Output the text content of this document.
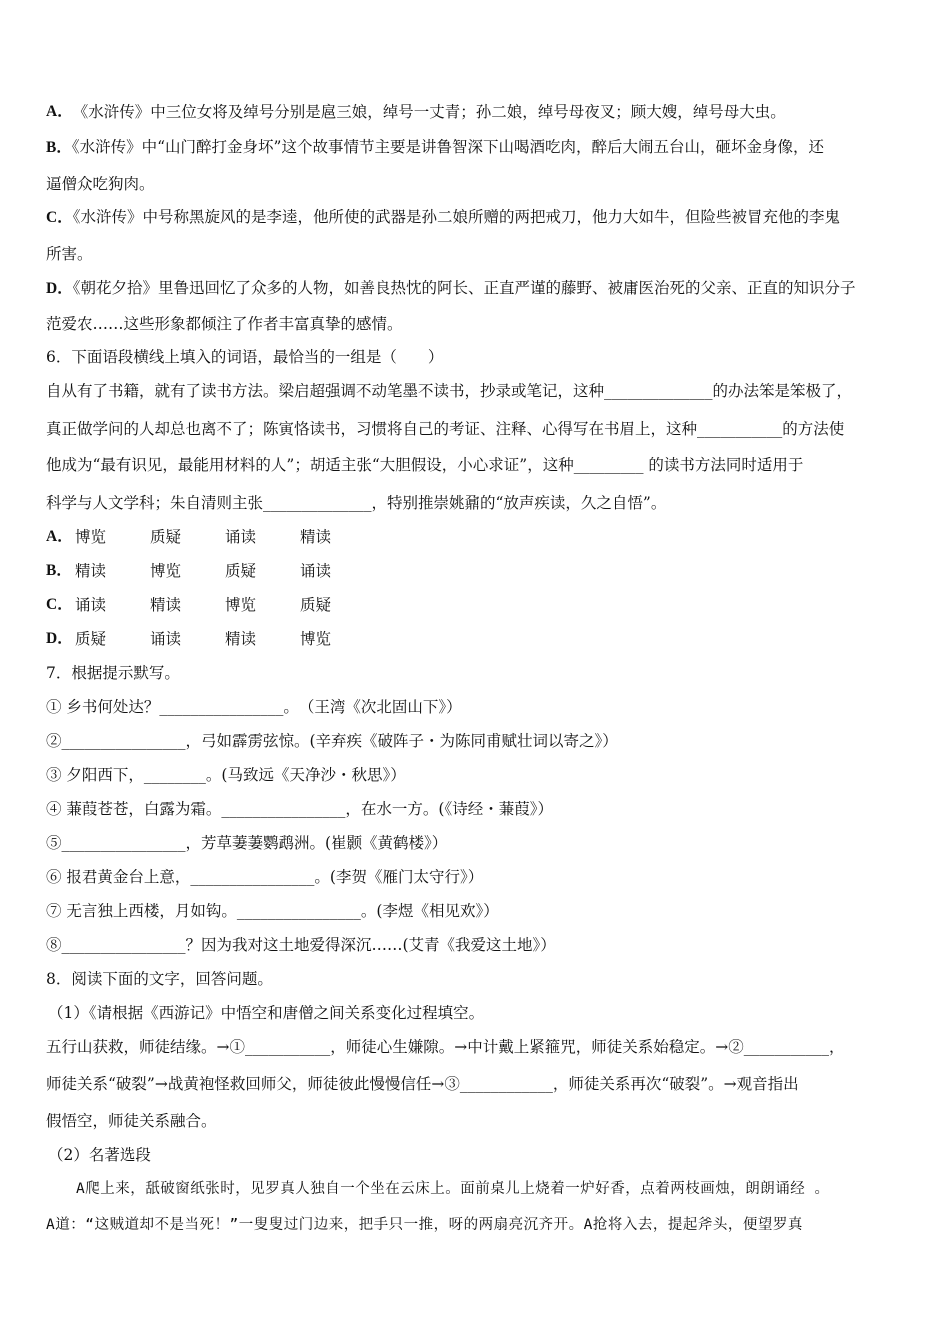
A． 《水浒传》中三位女将及绰号分别是扈三娘，绰号一丈青；孙二娘，绰号母夜叉；顾大嫂，绰号母大虫。
B．《水浒传》中“山门醉打金身坏”这个故事情节主要是讲鲁智深下山喝酒吃肉，醉后大闹五台山，砸坏金身像，还
逼僧众吃狗肉。
C．《水浒传》中号称黑旋风的是李逵，他所使的武器是孙二娘所赠的两把戒刀，他力大如牛，但险些被冒充他的李鬼
所害。
D．《朝花夕拾》里鲁迅回忆了众多的人物，如善良热忱的阿长、正直严谨的藤野、被庸医治死的父亲、正直的知识分子
范爱农……这些形象都倾注了作者丰富真挚的感情。
6．下面语段横线上填入的词语，最恰当的一组是（　　）
自从有了书籍，就有了读书方法。梁启超强调不动笔墨不读书，抄录或笔记，这种______________的办法笨是笨极了，
真正做学问的人却总也离不了；陈寅恪读书，习惯将自己的考证、注释、心得写在书眉上，这种___________的方法使
他成为“最有识见，最能用材料的人”；胡适主张“大胆假设，小心求证”，这种_________ 的读书方法同时适用于
科学与人文学科；朱自清则主张______________，特别推崇姚鼐的“放声疾读，久之自悟”。
A． 博览	质疑	诵读	精读
B． 精读	博览	质疑	诵读
C． 诵读	精读	博览	质疑
D． 质疑	诵读	精读	博览
7．根据提示默写。
① 乡书何处达？________________。　（王湾《次北固山下》）
②________________，弓如霹雳弦惊。(辛弃疾《破阵子・为陈同甫赋壮词以寄之》）
③ 夕阳西下，________。(马致远《天净沙・秋思》）
④ 蒹葭苍苍，白露为霜。________________，在水一方。(《诗经・蒹葭》）
⑤________________，芳草萋萋鹦鹉洲。(崔颢《黄鹤楼》）
⑥ 报君黄金台上意，________________。(李贺《雁门太守行》）
⑦ 无言独上西楼，月如钩。________________。(李煜《相见欢》）
⑧________________？因为我对这土地爱得深沉……(艾青《我爱这土地》）
8．阅读下面的文字，回答问题。
（1）《请根据《西游记》中悟空和唐僧之间关系变化过程填空。
五行山获救，师徒结缘。→①___________，师徒心生嫌隙。→中计戴上紧箍咒，师徒关系始稳定。→②___________，
师徒关系“破裂”→战黄袍怪救回师父，师徒彼此慢慢信任→③____________，师徒关系再次“破裂”。→观音指出
假悟空，师徒关系融合。
（2）名著选段
A爬上来，舐破窗纸张时，见罗真人独自一个坐在云床上。面前桌儿上烧着一炉好香，点着两枝画烛，朗朗诵经 。
A道：“这贼道却不是当死！”一叟叟过门边来，把手只一推，呀的两扇亮沉齐开。A抢将入去，提起斧头，便望罗真
